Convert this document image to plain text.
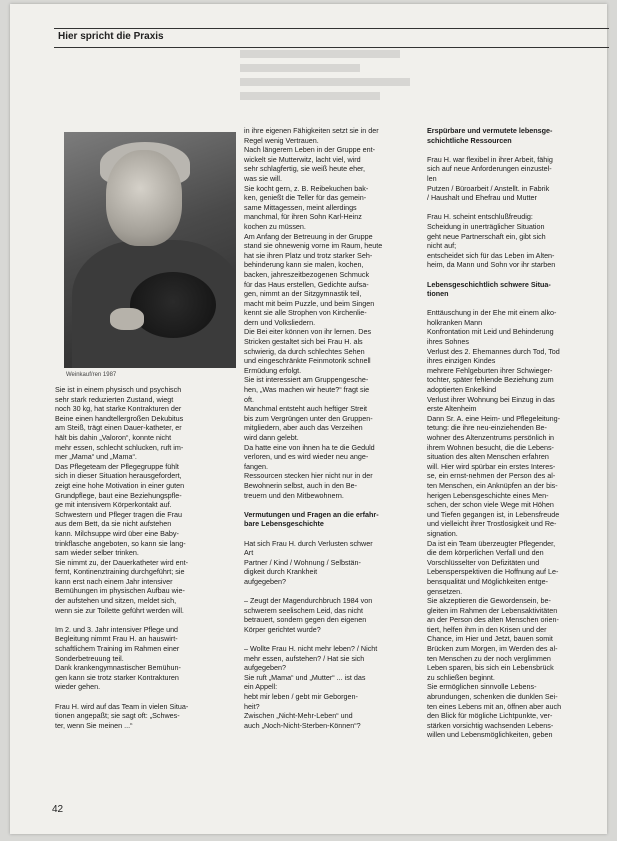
Hier spricht die Praxis
Weinkauf/ren 1987
Sie ist in einem physisch und psychisch
sehr stark reduzierten Zustand, wiegt
noch 30 kg, hat starke Kontrakturen der
Beine einen handtellergroßen Dekubitus
am Steiß, trägt einen Dauer-katheter, er
hält bis dahin „Valoron“, konnte nicht
mehr essen, schlecht schlucken, ruft im-
mer „Mama“ und „Mama“.
Das Pflegeteam der Pflegegruppe fühlt
sich in dieser Situation herausgefordert,
zeigt eine hohe Motivation in einer guten
Grundpflege, baut eine Beziehungspfle-
ge mit intensivem Körperkontakt auf.
Schwestern und Pfleger tragen die Frau
aus dem Bett, da sie nicht aufstehen
kann. Milchsuppe wird über eine Baby-
trinkflasche angeboten, so kann sie lang-
sam wieder selber trinken.
Sie nimmt zu, der Dauerkatheter wird ent-
fernt, Kontinenztraining durchgeführt; sie
kann erst nach einem Jahr intensiver
Bemühungen im physischen Aufbau wie-
der aufstehen und sitzen, meldet sich,
wenn sie zur Toilette geführt werden will.
Im 2. und 3. Jahr intensiver Pflege und
Begleitung nimmt Frau H. an hauswirt-
schaftlichem Training im Rahmen einer
Sonderbetreuung teil.
Dank krankengymnastischer Bemühun-
gen kann sie trotz starker Kontrakturen
wieder gehen.
Frau H. wird auf das Team in vielen Situa-
tionen angepaßt; sie sagt oft: „Schwes-
ter, wenn Sie meinen ...“
in ihre eigenen Fähigkeiten setzt sie in der
Regel wenig Vertrauen.
Nach längerem Leben in der Gruppe ent-
wickelt sie Mutterwitz, lacht viel, wird
sehr schlagfertig, sie weiß heute eher,
was sie will.
Sie kocht gern, z. B. Reibekuchen bak-
ken, genießt die Teller für das gemein-
same Mittagessen, meint allerdings
manchmal, für ihren Sohn Karl-Heinz
kochen zu müssen.
Am Anfang der Betreuung in der Gruppe
stand sie ohnewenig vorne im Raum, heute
hat sie ihren Platz und trotz starker Seh-
behinderung kann sie malen, kochen,
backen, jahreszeitbezogenen Schmuck
für das Haus erstellen, Gedichte aufsa-
gen, nimmt an der Sitzgymnastik teil,
macht mit beim Puzzle, und beim Singen
kennt sie alle Strophen von Kirchenlie-
dern und Volksliedern.
Die Bei eiter können von ihr lernen. Des
Stricken gestaltet sich bei Frau H. als
schwierig, da durch schlechtes Sehen
und eingeschränkte Feinmotorik schnell
Ermüdung erfolgt.
Sie ist interessiert am Gruppengesche-
hen, „Was machen wir heute?“ fragt sie
oft.
Manchmal entsteht auch heftiger Streit
bis zum Vergrüngen unter den Gruppen-
mitgliedern, aber auch das Verzeihen
wird dann gelebt.
Da hatte eine von ihnen ha te die Geduld
verloren, und es wird wieder neu ange-
fangen.
Ressourcen stecken hier nicht nur in der
Bewohnerin selbst, auch in den Be-
treuern und den Mitbewohnern.
Vermutungen und Fragen an die erfahr-
bare Lebensgeschichte
Hat sich Frau H. durch Verlusten schwer
Art
Partner / Kind / Wohnung / Selbstän-
digkeit durch Krankheit
aufgegeben?
– Zeugt der Magendurchbruch 1984 von
schwerem seelischem Leid, das nicht
betrauert, sondern gegen den eigenen
Körper gerichtet wurde?
– Wollte Frau H. nicht mehr leben? / Nicht
mehr essen, aufstehen? / Hat sie sich
aufgegeben?
Sie ruft „Mama“ und „Mutter“ ... ist das
ein Appell:
hebt mir leben / gebt mir Geborgen-
heit?
Zwischen „Nicht-Mehr-Leben“ und
auch „Noch-Nicht-Sterben-Können“?
Erspürbare und vermutete lebensge-
schichtliche Ressourcen
Frau H. war flexibel in ihrer Arbeit, fähig
sich auf neue Anforderungen einzustel-
len
Putzen / Büroarbeit / Anstellt. in Fabrik
/ Haushalt und Ehefrau und Mutter
Frau H. scheint entschlußfreudig:
Scheidung in unerträglicher Situation
geht neue Partnerschaft ein, gibt sich
nicht auf;
entscheidet sich für das Leben im Alten-
heim, da Mann und Sohn vor ihr starben
Lebensgeschichtlich schwere Situa-
tionen
Enttäuschung in der Ehe mit einem alko-
holkranken Mann
Konfrontation mit Leid und Behinderung
ihres Sohnes
Verlust des 2. Ehemannes durch Tod, Tod
ihres einzigen Kindes
mehrere Fehlgeburten ihrer Schwieger-
tochter, später fehlende Beziehung zum
adoptierten Enkelkind
Verlust ihrer Wohnung bei Einzug in das
erste Altenheim
Dann Sr. A. eine Heim- und Pflegeleitung-
tetung: die ihre neu-einziehenden Be-
wohner des Altenzentrums persönlich in
ihrem Wohnen besucht, die die Lebens-
situation des alten Menschen erfahren
will. Hier wird spürbar ein erstes Interes-
se, ein ernst-nehmen der Person des al-
ten Menschen, ein Anknüpfen an der bis-
herigen Lebensgeschichte eines Men-
schen, der schon viele Wege mit Höhen
und Tiefen gegangen ist, in Lebensfreude
und vielleicht ihrer Trostlosigkeit und Re-
signation.
Da ist ein Team überzeugter Pflegender,
die dem körperlichen Verfall und den
Vorschlüsselter von Defizitäten und
Lebensperspektiven die Hoffnung auf Le-
bensqualität und Möglichkeiten entge-
gensetzen.
Sie akzeptieren die Gewordensein, be-
gleiten im Rahmen der Lebensaktivitäten
an der Person des alten Menschen orien-
tiert, helfen ihm in den Krisen und der
Chance, im Hier und Jetzt, bauen somit
Brücken zum Morgen, im Werden des al-
ten Menschen zu der noch verglimmen
Leben sparen, bis sich ein Lebensbrück
zu schließen beginnt.
Sie ermöglichen sinnvolle Lebens-
abrundungen, schenken die dunklen Sei-
ten eines Lebens mit an, öffnen aber auch
den Blick für mögliche Lichtpunkte, ver-
stärken vorsichtig wachsenden Lebens-
willen und Lebensmöglichkeiten, geben
42
